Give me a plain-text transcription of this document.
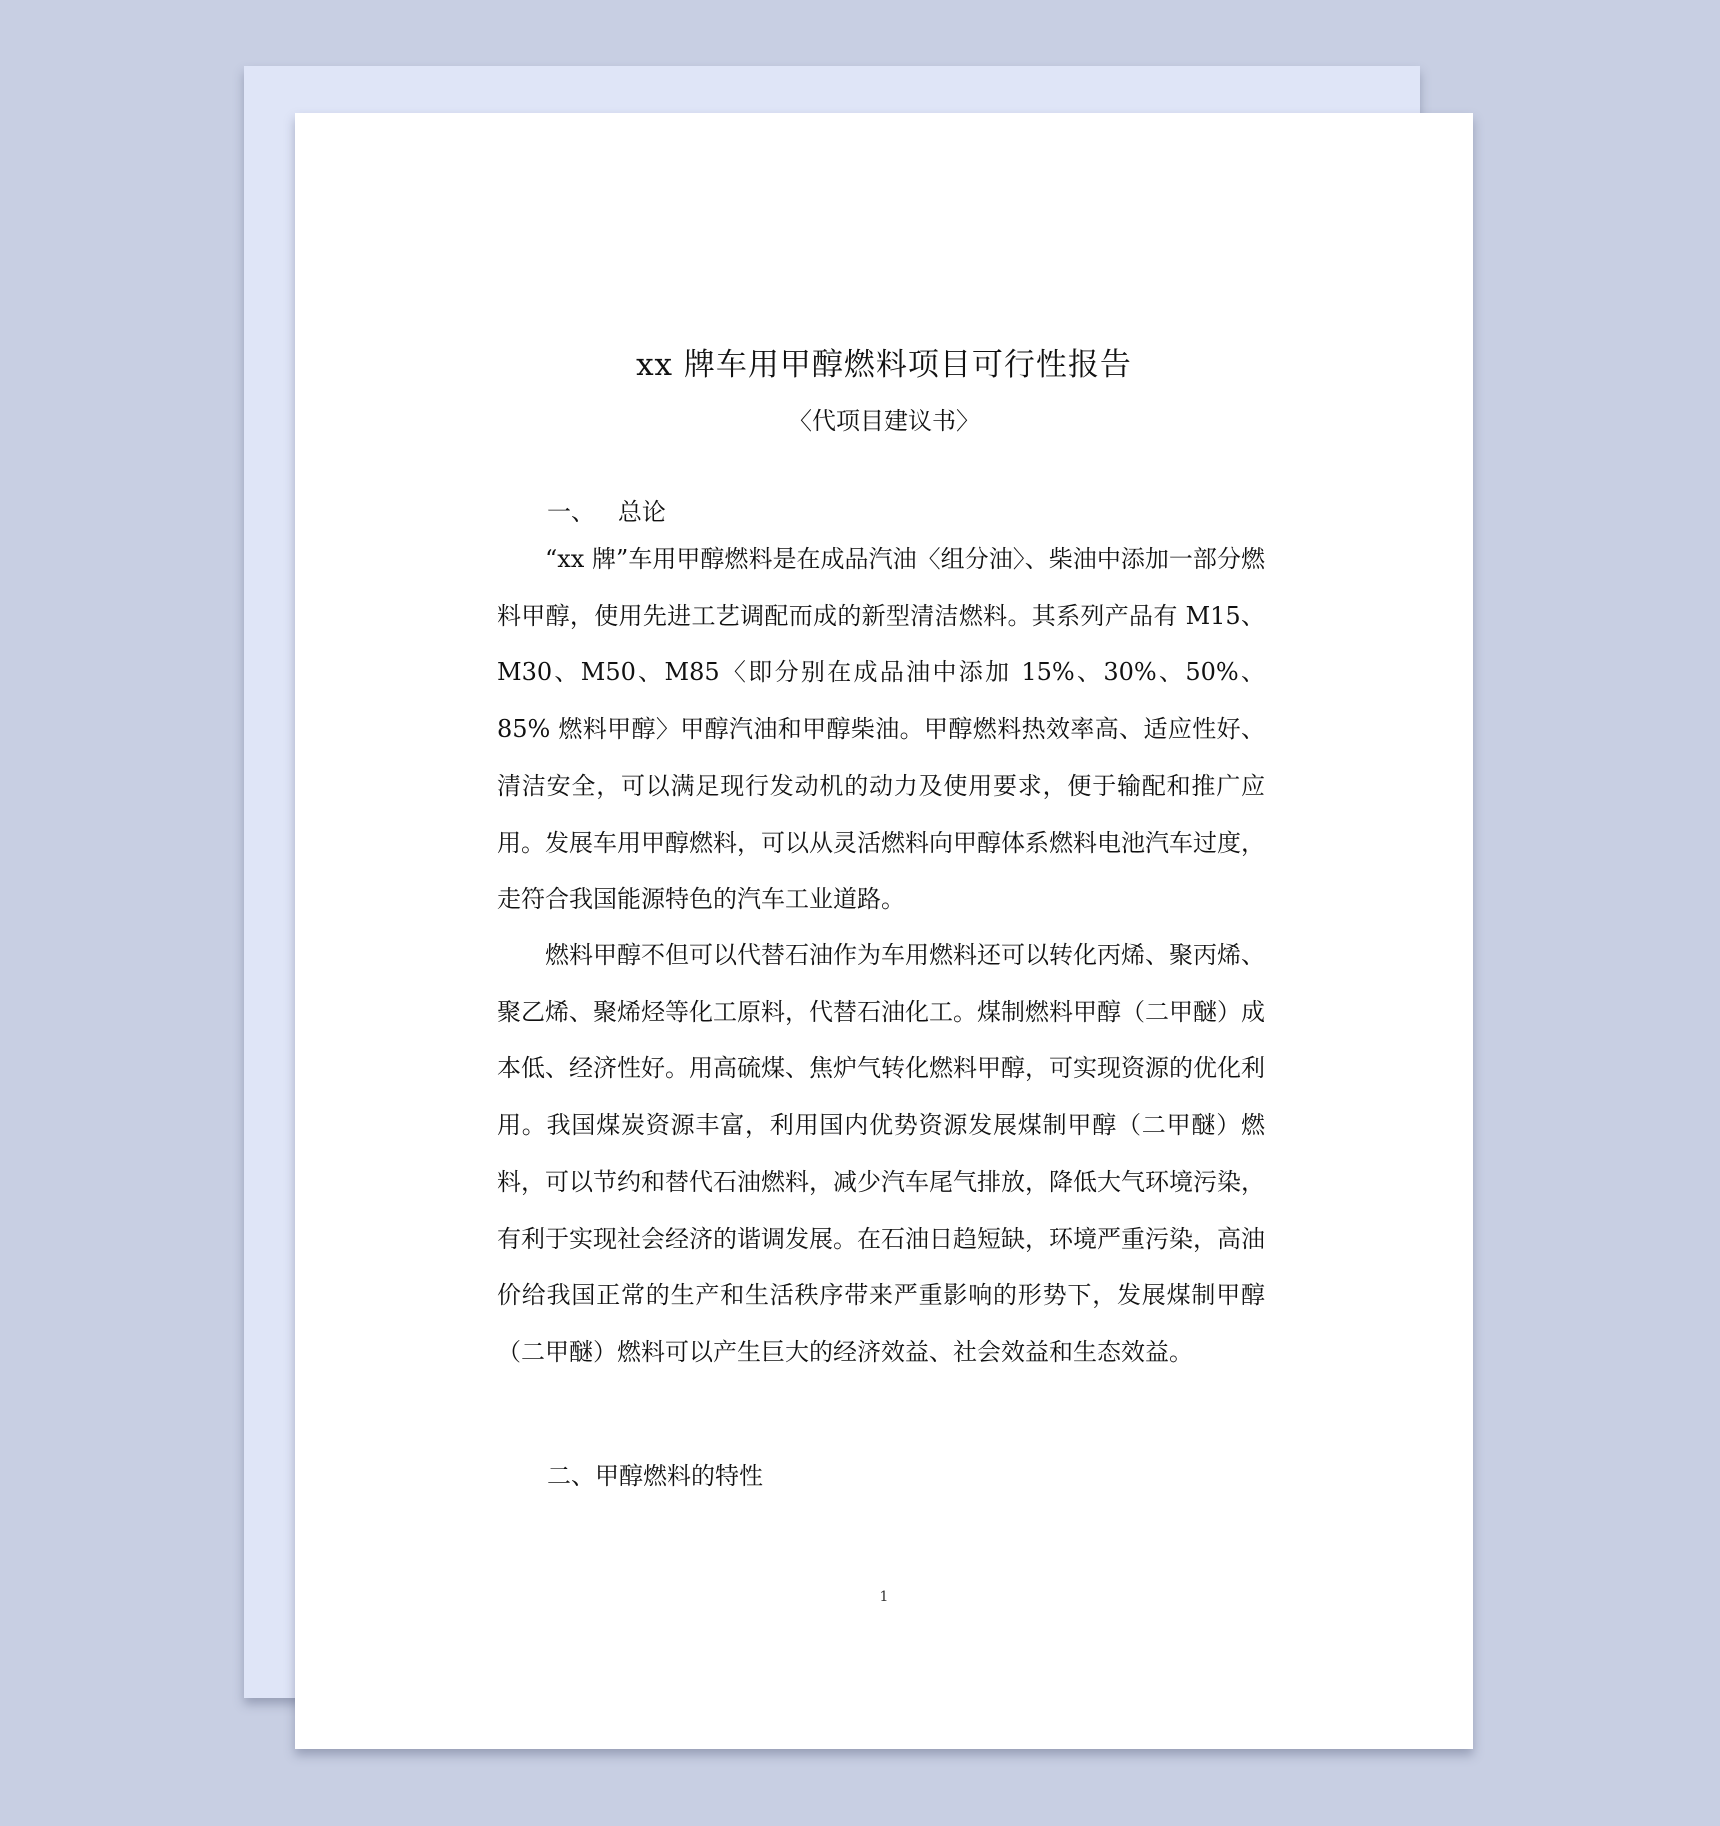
xx 牌车用甲醇燃料项目可行性报告
〈代项目建议书〉
一、   总论

“xx 牌”车用甲醇燃料是在成品汽油〈组分油〉、柴油中添加一部分燃料甲醇，使用先进工艺调配而成的新型清洁燃料。其系列产品有 M15、M30、M50、M85〈即分别在成品油中添加 15%、30%、50%、85% 燃料甲醇〉甲醇汽油和甲醇柴油。甲醇燃料热效率高、适应性好、清洁安全，可以满足现行发动机的动力及使用要求，便于输配和推广应用。发展车用甲醇燃料，可以从灵活燃料向甲醇体系燃料电池汽车过度，走符合我国能源特色的汽车工业道路。

燃料甲醇不但可以代替石油作为车用燃料还可以转化丙烯、聚丙烯、聚乙烯、聚烯烃等化工原料，代替石油化工。煤制燃料甲醇（二甲醚）成本低、经济性好。用高硫煤、焦炉气转化燃料甲醇，可实现资源的优化利用。我国煤炭资源丰富，利用国内优势资源发展煤制甲醇（二甲醚）燃料，可以节约和替代石油燃料，减少汽车尾气排放，降低大气环境污染，有利于实现社会经济的谐调发展。在石油日趋短缺，环境严重污染，高油价给我国正常的生产和生活秩序带来严重影响的形势下，发展煤制甲醇（二甲醚）燃料可以产生巨大的经济效益、社会效益和生态效益。

二、甲醇燃料的特性
1
